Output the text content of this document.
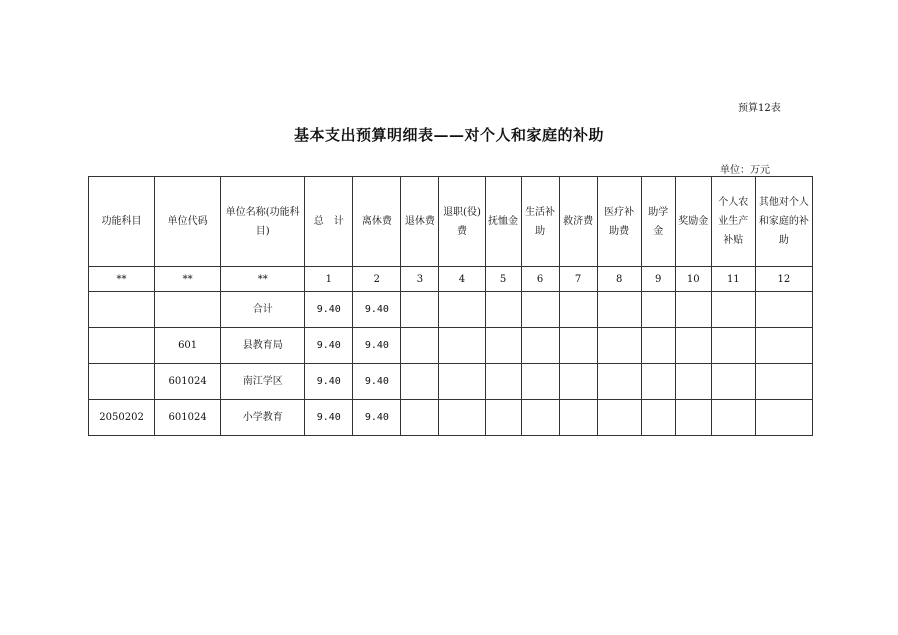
预算12表
基本支出预算明细表——对个人和家庭的补助
单位：万元
功能科目	单位代码	单位名称(功能科目)	总　计	离休费	退休费	退职(役)费	抚恤金	生活补助	救济费	医疗补助费	助学金	奖励金	个人农业生产补贴	其他对个人和家庭的补助
**	**	**	1	2	3	4	5	6	7	8	9	10	11	12
		合计	9.40	9.40										
	601	县教育局	9.40	9.40										
	601024	南江学区	9.40	9.40										
2050202	601024	小学教育	9.40	9.40										
